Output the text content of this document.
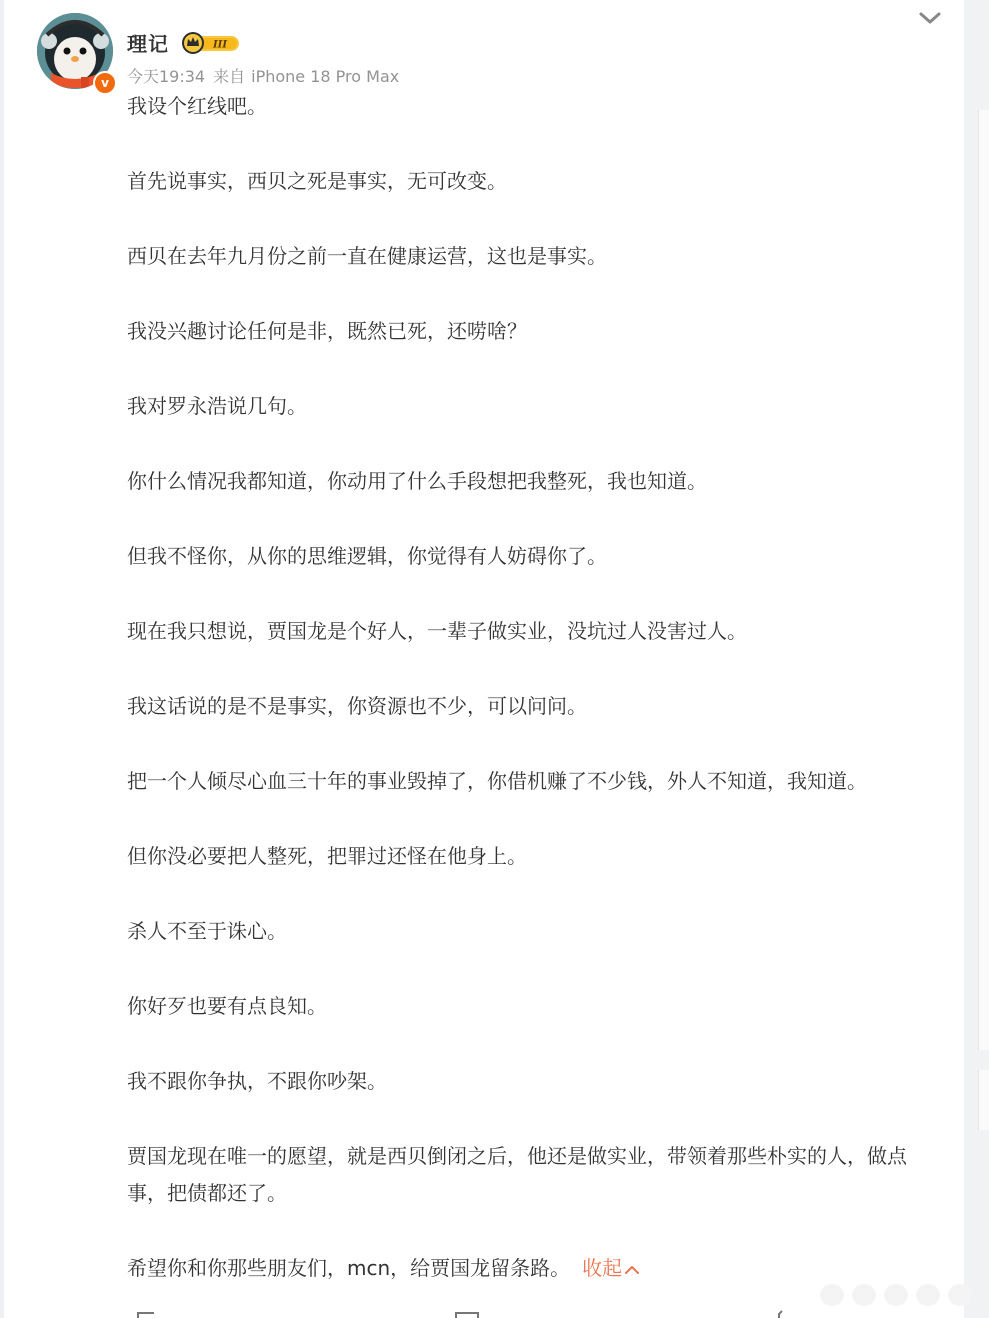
v
理记	III
今天19:34 来自 iPhone 18 Pro Max

我设个红线吧。

首先说事实，西贝之死是事实，无可改变。

西贝在去年九月份之前一直在健康运营，这也是事实。

我没兴趣讨论任何是非，既然已死，还唠啥？

我对罗永浩说几句。

你什么情况我都知道，你动用了什么手段想把我整死，我也知道。

但我不怪你，从你的思维逻辑，你觉得有人妨碍你了。

现在我只想说，贾国龙是个好人，一辈子做实业，没坑过人没害过人。

我这话说的是不是事实，你资源也不少，可以问问。

把一个人倾尽心血三十年的事业毁掉了，你借机赚了不少钱，外人不知道，我知道。

但你没必要把人整死，把罪过还怪在他身上。

杀人不至于诛心。

你好歹也要有点良知。

我不跟你争执，不跟你吵架。

贾国龙现在唯一的愿望，就是西贝倒闭之后，他还是做实业，带领着那些朴实的人，做点事，把债都还了。

希望你和你那些朋友们，mcn，给贾国龙留条路。 收起
